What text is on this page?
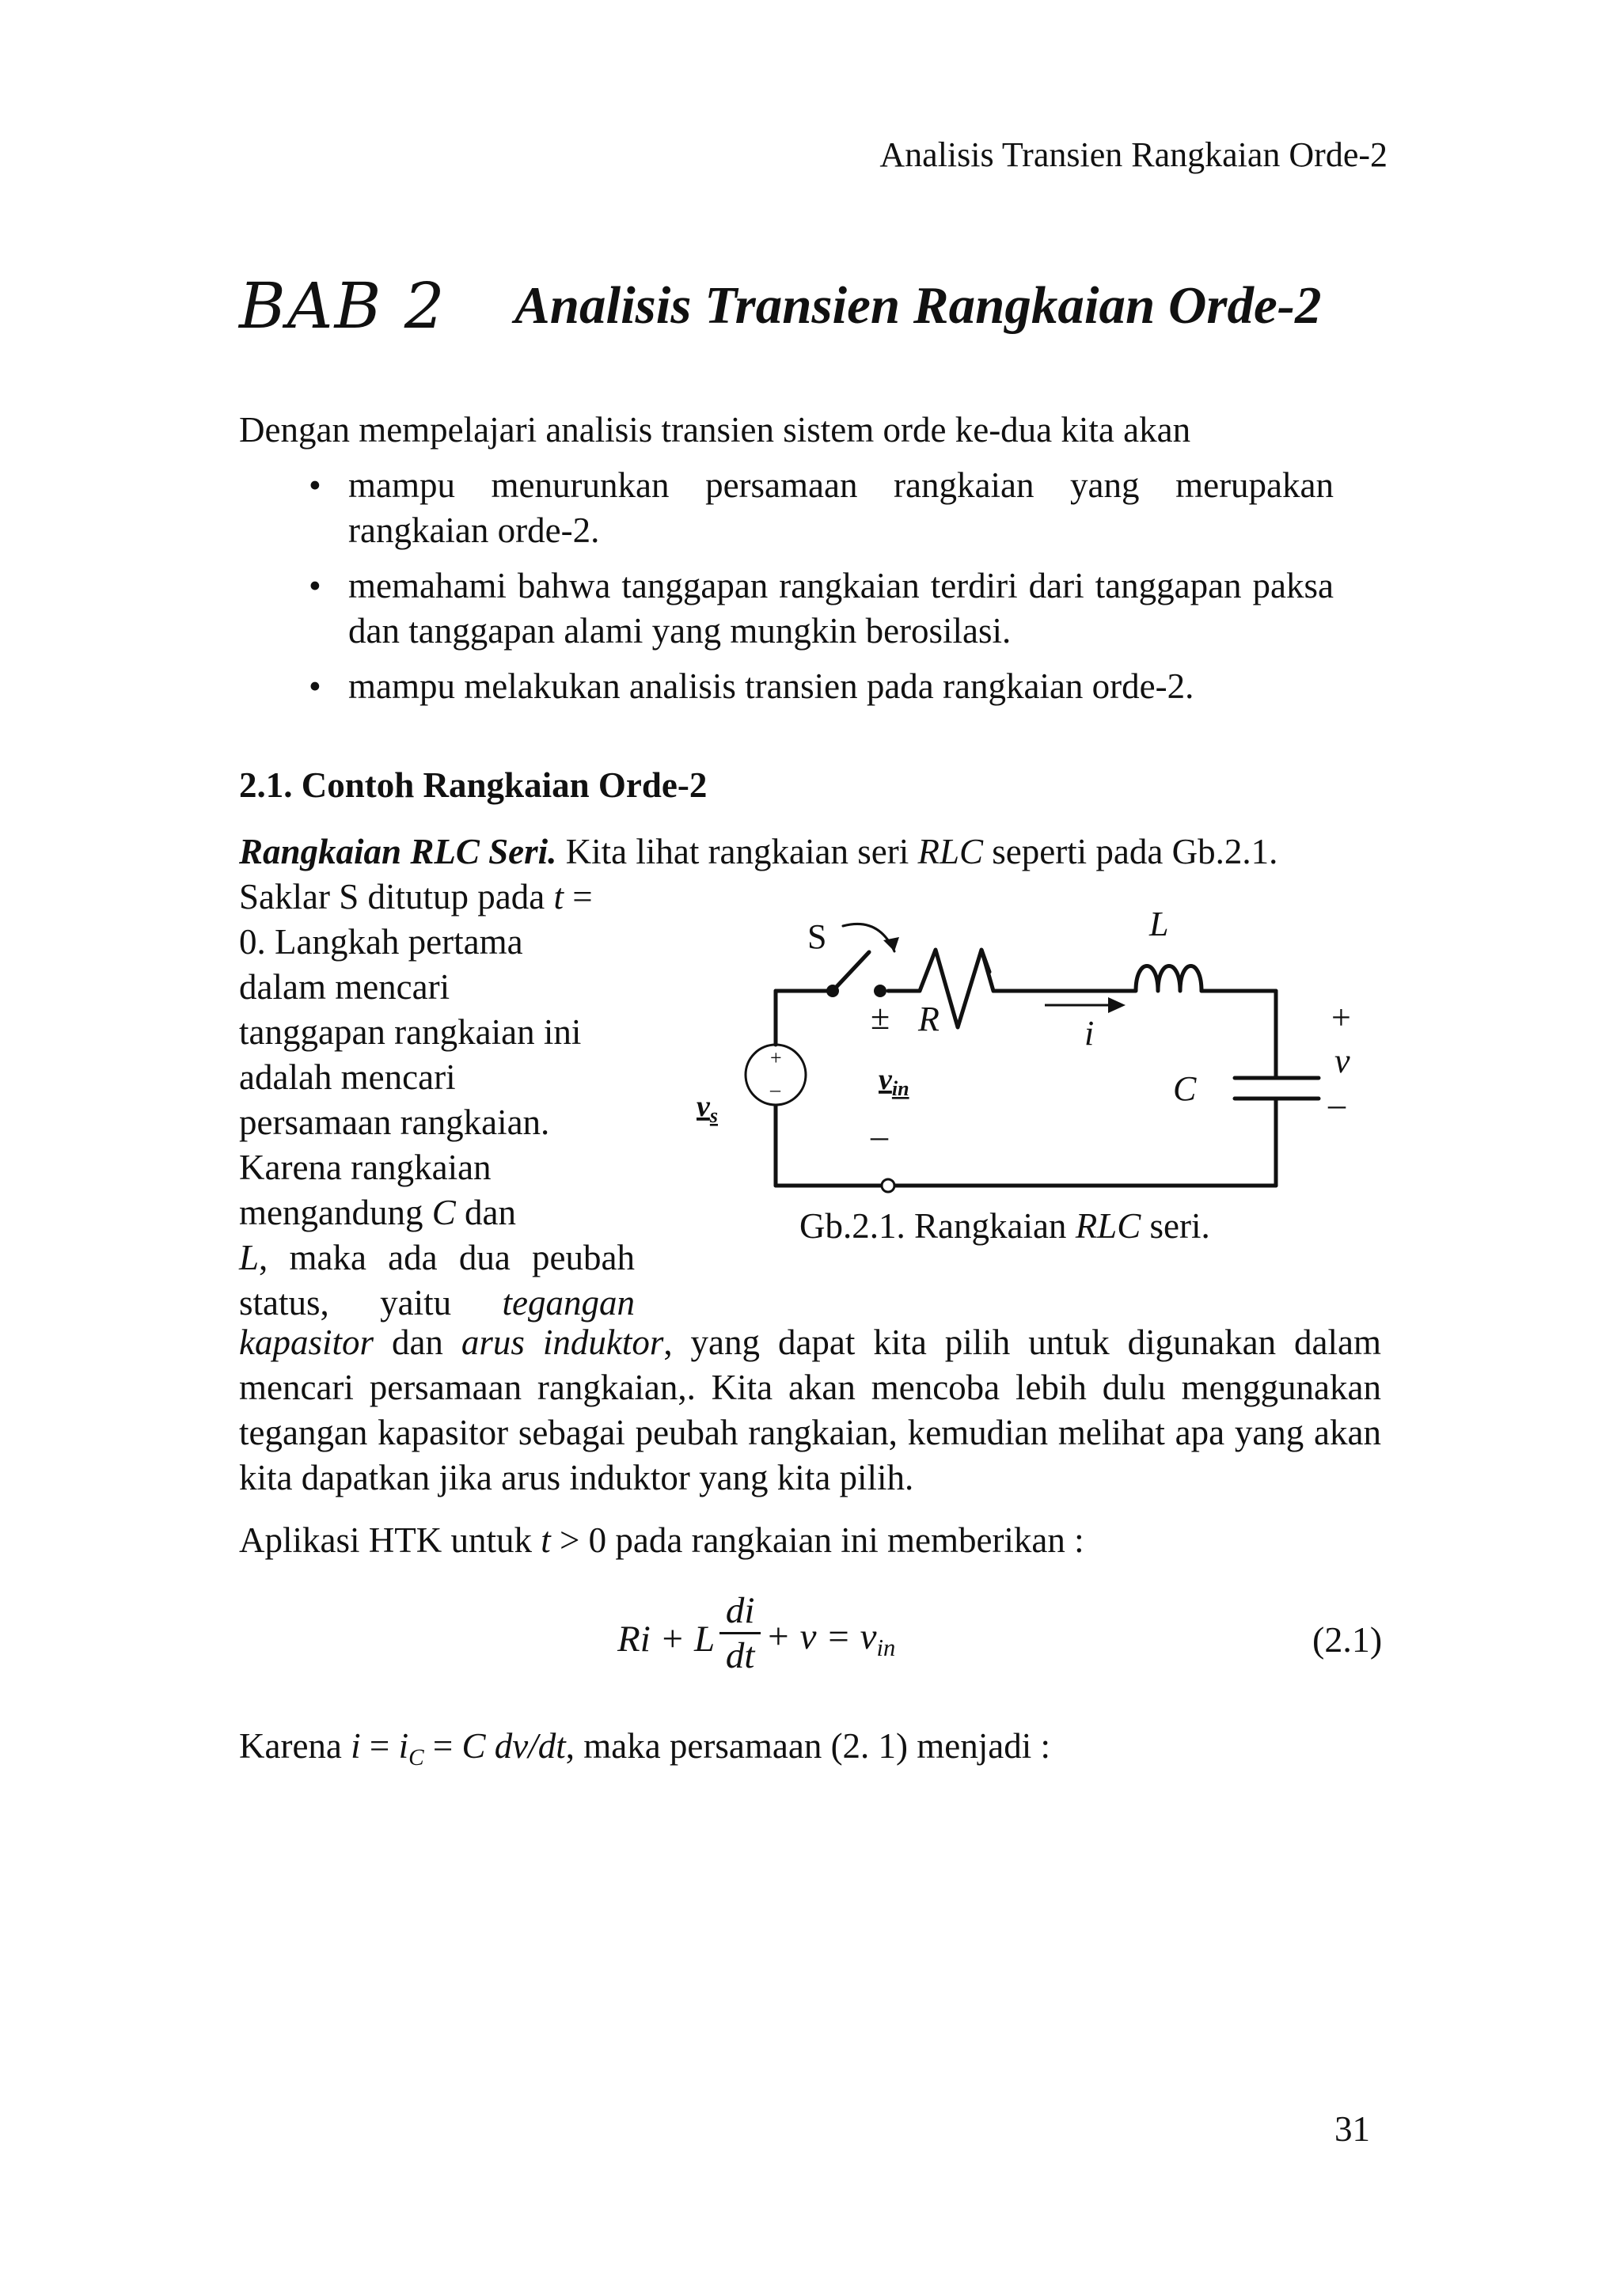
Analisis Transien Rangkaian Orde-2
BAB 2 Analisis Transien Rangkaian Orde-2
Dengan mempelajari analisis transien sistem orde ke-dua kita akan
• mampu menurunkan persamaan rangkaian yang merupakan rangkaian orde-2.
• memahami bahwa tanggapan rangkaian terdiri dari tanggapan paksa dan tanggapan alami yang mungkin berosilasi.
• mampu melakukan analisis transien pada rangkaian orde-2.
2.1. Contoh Rangkaian Orde-2
Rangkaian RLC Seri. Kita lihat rangkaian seri RLC seperti pada Gb.2.1.
Saklar S ditutup pada t =
0. Langkah pertama
dalam mencari
tanggapan rangkaian ini
adalah mencari
persamaan rangkaian.
Karena rangkaian
mengandung C dan
L, maka ada dua peubah
status, yaitu tegangan
kapasitor dan arus induktor, yang dapat kita pilih untuk digunakan dalam mencari persamaan rangkaian,. Kita akan mencoba lebih dulu menggunakan tegangan kapasitor sebagai peubah rangkaian, kemudian melihat apa yang akan kita dapatkan jika arus induktor yang kita pilih.
S	L
R	i
C
+
v
–
±
$v_{in}$
–
$v_s$
+
–
Gb.2.1. Rangkaian RLC seri.
Aplikasi HTK untuk t > 0 pada rangkaian ini memberikan :
Ri + L
di
dt + $v = v_{in}$	(2.1)
Karena $i = i_C = C$ dv/dt, maka persamaan (2. 1) menjadi :
31
